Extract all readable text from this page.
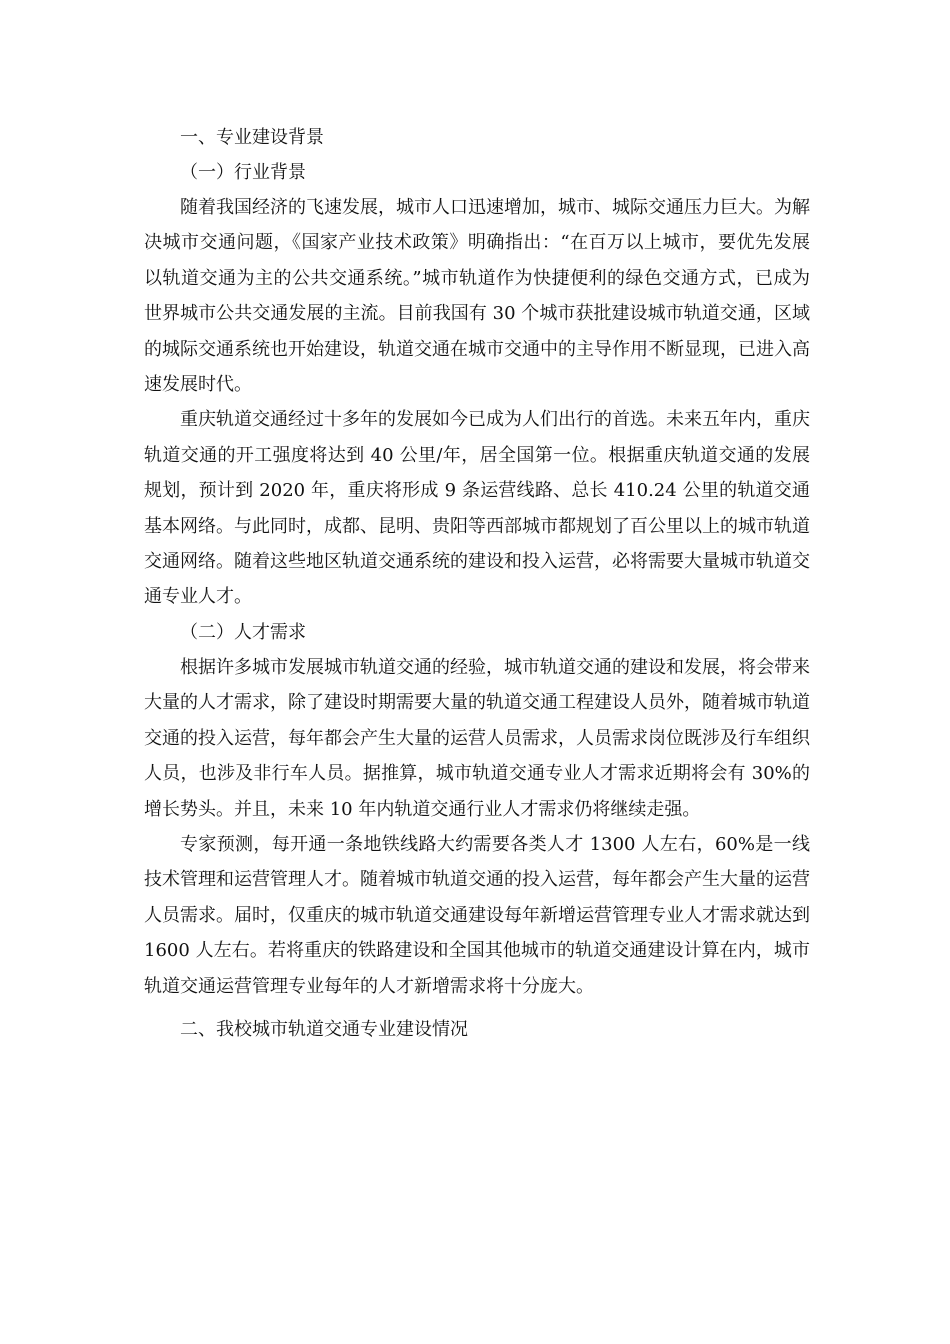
一、专业建设背景
（一）行业背景

随着我国经济的飞速发展，城市人口迅速增加，城市、城际交通压力巨大。为解决城市交通问题，《国家产业技术政策》明确指出：“在百万以上城市，要优先发展以轨道交通为主的公共交通系统。”城市轨道作为快捷便利的绿色交通方式，已成为世界城市公共交通发展的主流。目前我国有 30 个城市获批建设城市轨道交通，区域的城际交通系统也开始建设，轨道交通在城市交通中的主导作用不断显现，已进入高速发展时代。

重庆轨道交通经过十多年的发展如今已成为人们出行的首选。未来五年内，重庆轨道交通的开工强度将达到 40 公里/年，居全国第一位。根据重庆轨道交通的发展规划，预计到 2020 年，重庆将形成 9 条运营线路、总长 410.24 公里的轨道交通基本网络。与此同时，成都、昆明、贵阳等西部城市都规划了百公里以上的城市轨道交通网络。随着这些地区轨道交通系统的建设和投入运营，必将需要大量城市轨道交通专业人才。

（二）人才需求

根据许多城市发展城市轨道交通的经验，城市轨道交通的建设和发展，将会带来大量的人才需求，除了建设时期需要大量的轨道交通工程建设人员外，随着城市轨道交通的投入运营，每年都会产生大量的运营人员需求，人员需求岗位既涉及行车组织人员，也涉及非行车人员。据推算，城市轨道交通专业人才需求近期将会有 30%的增长势头。并且，未来 10 年内轨道交通行业人才需求仍将继续走强。

专家预测，每开通一条地铁线路大约需要各类人才 1300 人左右，60%是一线技术管理和运营管理人才。随着城市轨道交通的投入运营，每年都会产生大量的运营人员需求。届时，仅重庆的城市轨道交通建设每年新增运营管理专业人才需求就达到 1600 人左右。若将重庆的铁路建设和全国其他城市的轨道交通建设计算在内，城市轨道交通运营管理专业每年的人才新增需求将十分庞大。

二、我校城市轨道交通专业建设情况
